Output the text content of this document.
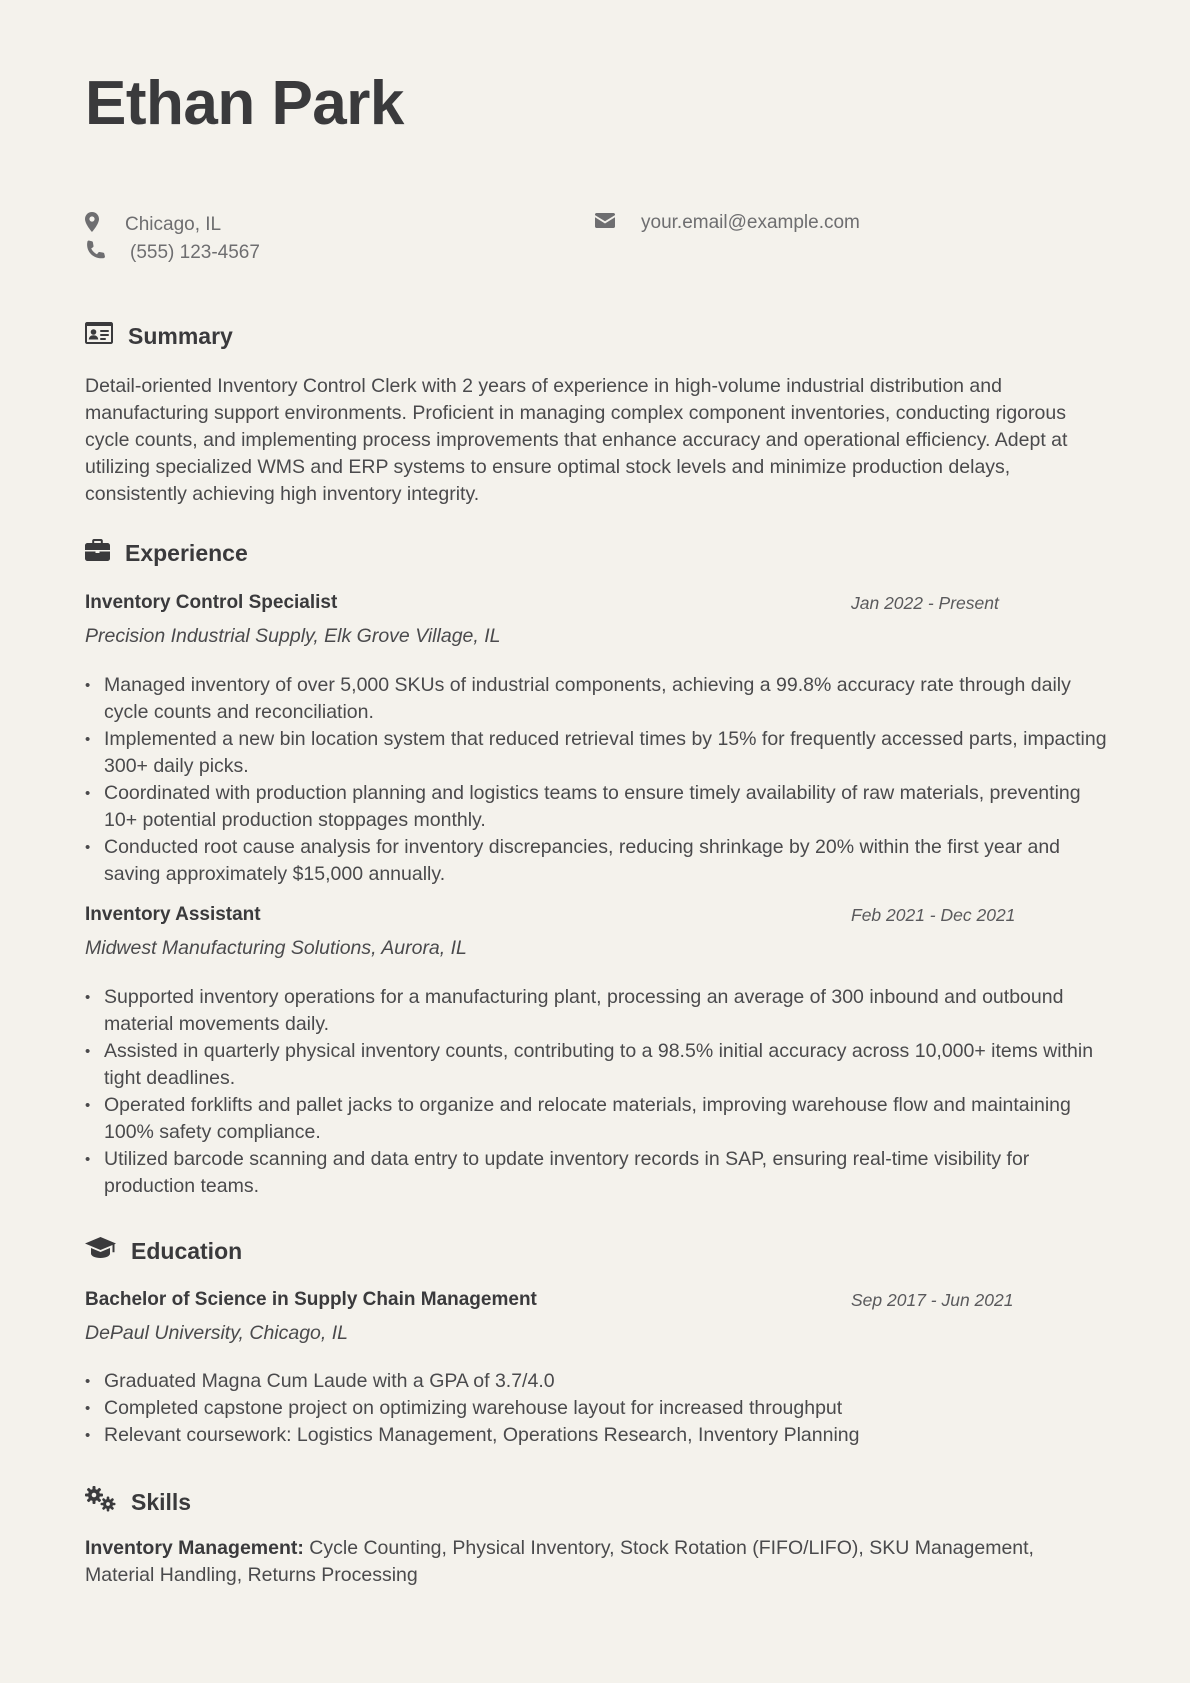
Ethan Park
Chicago, IL	your.email@example.com
(555) 123-4567
Summary

Detail-oriented Inventory Control Clerk with 2 years of experience in high-volume industrial distribution and manufacturing support environments. Proficient in managing complex component inventories, conducting rigorous cycle counts, and implementing process improvements that enhance accuracy and operational efficiency. Adept at utilizing specialized WMS and ERP systems to ensure optimal stock levels and minimize production delays, consistently achieving high inventory integrity.

Experience
Inventory Control Specialist	Jan 2022 - Present
Precision Industrial Supply, Elk Grove Village, IL
• Managed inventory of over 5,000 SKUs of industrial components, achieving a 99.8% accuracy rate through daily cycle counts and reconciliation.
• Implemented a new bin location system that reduced retrieval times by 15% for frequently accessed parts, impacting 300+ daily picks.
• Coordinated with production planning and logistics teams to ensure timely availability of raw materials, preventing 10+ potential production stoppages monthly.
• Conducted root cause analysis for inventory discrepancies, reducing shrinkage by 20% within the first year and saving approximately $15,000 annually.
Inventory Assistant	Feb 2021 - Dec 2021
Midwest Manufacturing Solutions, Aurora, IL
• Supported inventory operations for a manufacturing plant, processing an average of 300 inbound and outbound material movements daily.
• Assisted in quarterly physical inventory counts, contributing to a 98.5% initial accuracy across 10,000+ items within tight deadlines.
• Operated forklifts and pallet jacks to organize and relocate materials, improving warehouse flow and maintaining 100% safety compliance.
• Utilized barcode scanning and data entry to update inventory records in SAP, ensuring real-time visibility for production teams.
Education
Bachelor of Science in Supply Chain Management	Sep 2017 - Jun 2021
DePaul University, Chicago, IL
• Graduated Magna Cum Laude with a GPA of 3.7/4.0
• Completed capstone project on optimizing warehouse layout for increased throughput
• Relevant coursework: Logistics Management, Operations Research, Inventory Planning
Skills

Inventory Management: Cycle Counting, Physical Inventory, Stock Rotation (FIFO/LIFO), SKU Management, Material Handling, Returns Processing
